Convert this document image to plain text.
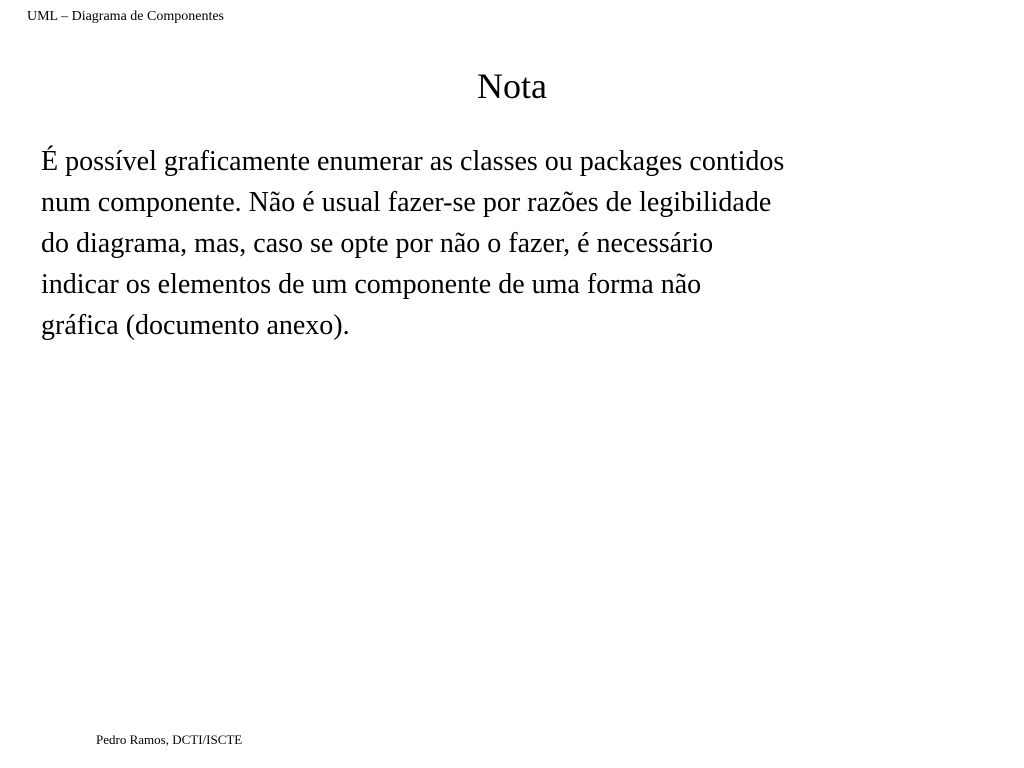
UML – Diagrama de Componentes
Nota

É possível graficamente enumerar as classes ou packages contidos
num componente. Não é usual fazer-se por razões de legibilidade
do diagrama, mas, caso se opte por não o fazer, é necessário
indicar os elementos de um componente de uma forma não
gráfica (documento anexo).

Pedro Ramos, DCTI/ISCTE
